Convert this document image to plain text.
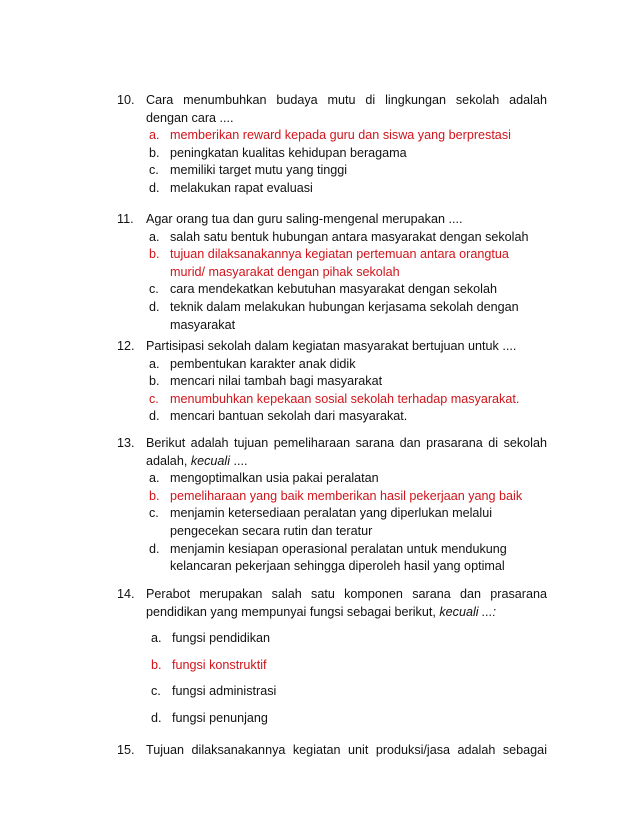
10. Cara menumbuhkan budaya mutu di lingkungan sekolah adalah dengan cara ....
a. memberikan reward kepada guru dan siswa yang berprestasi
b. peningkatan kualitas kehidupan beragama
c. memiliki target mutu yang tinggi
d. melakukan rapat evaluasi
11. Agar orang tua dan guru saling-mengenal merupakan ....
a. salah satu bentuk hubungan antara masyarakat dengan sekolah
b. tujuan dilaksanakannya kegiatan pertemuan antara orangtua murid/ masyarakat dengan pihak sekolah
c. cara mendekatkan kebutuhan masyarakat dengan sekolah
d. teknik dalam melakukan hubungan kerjasama sekolah dengan masyarakat
12. Partisipasi sekolah dalam kegiatan masyarakat bertujuan untuk ....
a. pembentukan karakter anak didik
b. mencari nilai tambah bagi masyarakat
c. menumbuhkan kepekaan sosial sekolah terhadap masyarakat.
d. mencari bantuan sekolah dari masyarakat.
13. Berikut adalah tujuan pemeliharaan sarana dan prasarana di sekolah adalah, kecuali ....
a. mengoptimalkan usia pakai peralatan
b. pemeliharaan yang baik memberikan hasil pekerjaan yang baik
c. menjamin ketersediaan peralatan yang diperlukan melalui pengecekan secara rutin dan teratur
d. menjamin kesiapan operasional peralatan untuk mendukung kelancaran pekerjaan sehingga diperoleh hasil yang optimal
14. Perabot merupakan salah satu komponen sarana dan prasarana pendidikan yang mempunyai fungsi sebagai berikut, kecuali ...:
a. fungsi pendidikan
b. fungsi konstruktif
c. fungsi administrasi
d. fungsi penunjang
15. Tujuan dilaksanakannya kegiatan unit produksi/jasa adalah sebagai
